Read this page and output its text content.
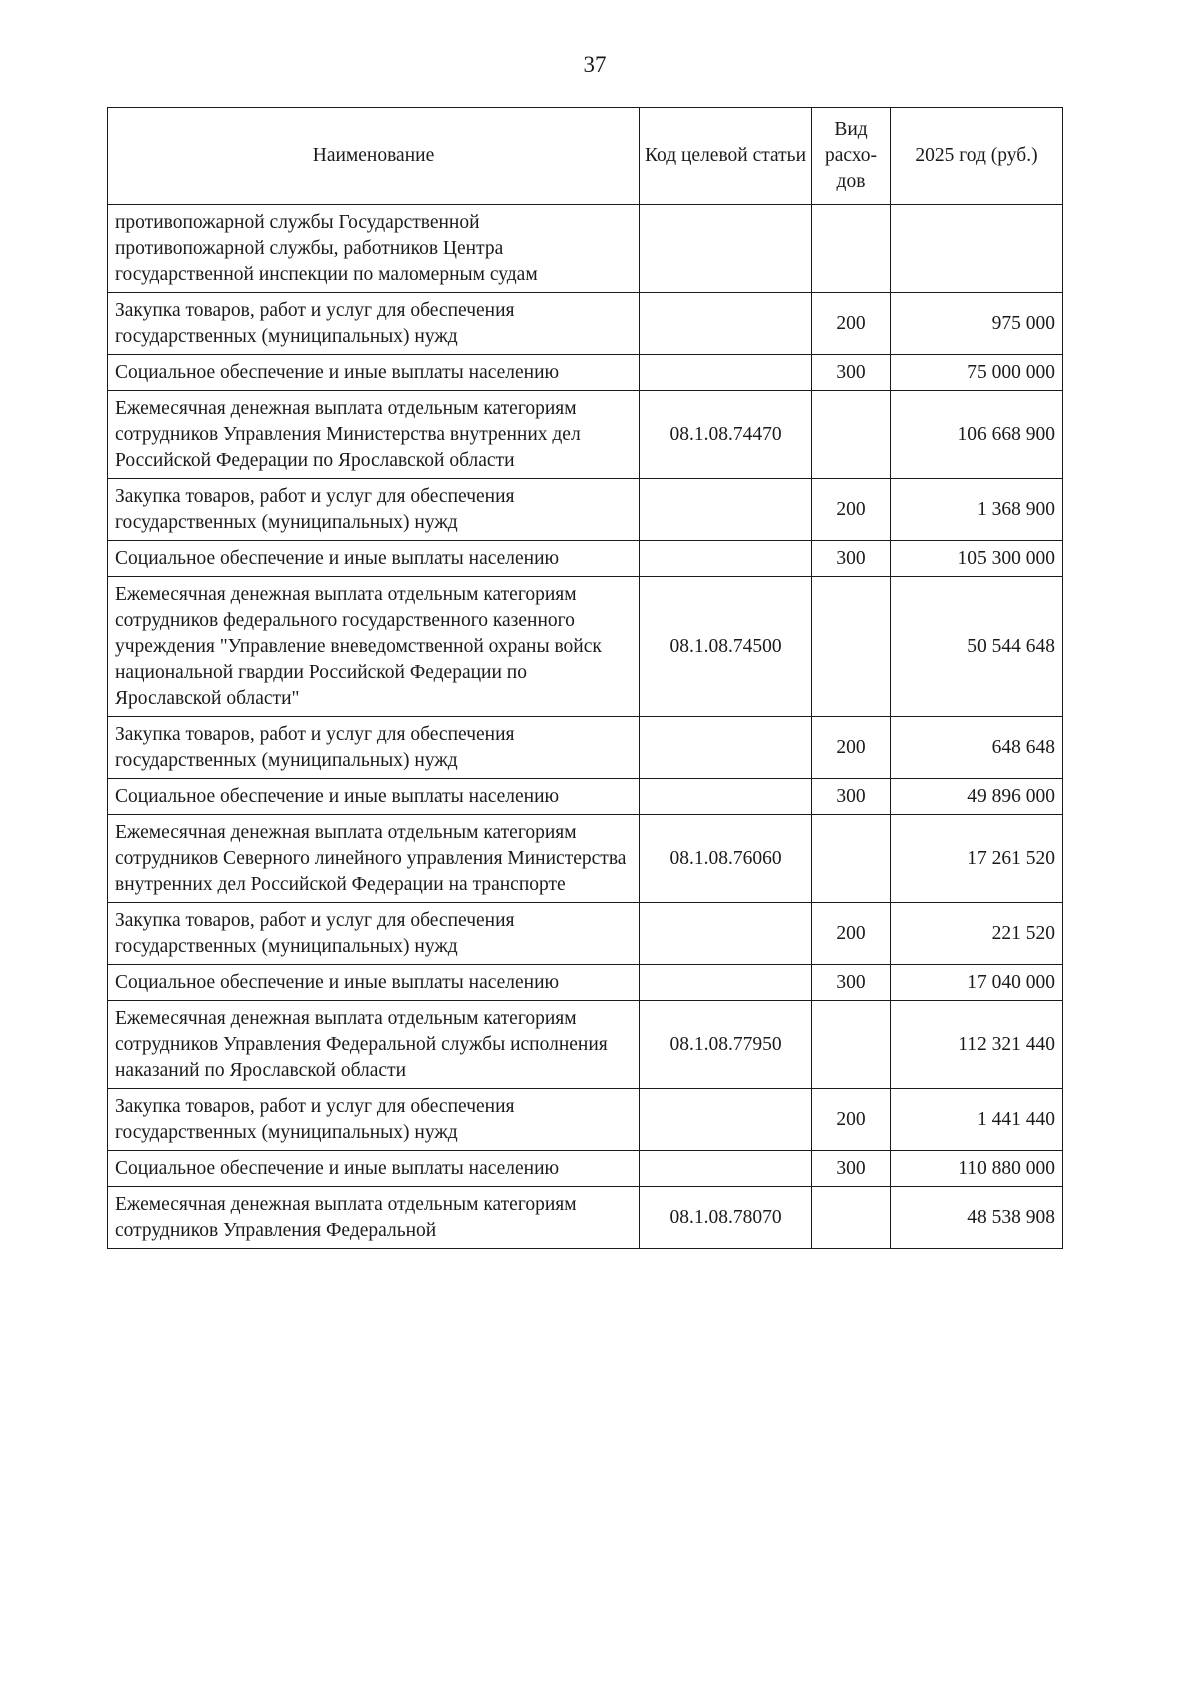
37
Наименование	Код целевой статьи	Вид расхо-дов	2025 год (руб.)
противопожарной службы Государственной противопожарной службы, работников Центра государственной инспекции по маломерным судам			
Закупка товаров, работ и услуг для обеспечения государственных (муниципальных) нужд		200	975 000
Социальное обеспечение и иные выплаты населению		300	75 000 000
Ежемесячная денежная выплата отдельным категориям сотрудников Управления Министерства внутренних дел Российской Федерации по Ярославской области	08.1.08.74470		106 668 900
Закупка товаров, работ и услуг для обеспечения государственных (муниципальных) нужд		200	1 368 900
Социальное обеспечение и иные выплаты населению		300	105 300 000
Ежемесячная денежная выплата отдельным категориям сотрудников федерального государственного казенного учреждения "Управление вневедомственной охраны войск национальной гвардии Российской Федерации по Ярославской области"	08.1.08.74500		50 544 648
Закупка товаров, работ и услуг для обеспечения государственных (муниципальных) нужд		200	648 648
Социальное обеспечение и иные выплаты населению		300	49 896 000
Ежемесячная денежная выплата отдельным категориям сотрудников Северного линейного управления Министерства внутренних дел Российской Федерации на транспорте	08.1.08.76060		17 261 520
Закупка товаров, работ и услуг для обеспечения государственных (муниципальных) нужд		200	221 520
Социальное обеспечение и иные выплаты населению		300	17 040 000
Ежемесячная денежная выплата отдельным категориям сотрудников Управления Федеральной службы исполнения наказаний по Ярославской области	08.1.08.77950		112 321 440
Закупка товаров, работ и услуг для обеспечения государственных (муниципальных) нужд		200	1 441 440
Социальное обеспечение и иные выплаты населению		300	110 880 000
Ежемесячная денежная выплата отдельным категориям сотрудников Управления Федеральной	08.1.08.78070		48 538 908
